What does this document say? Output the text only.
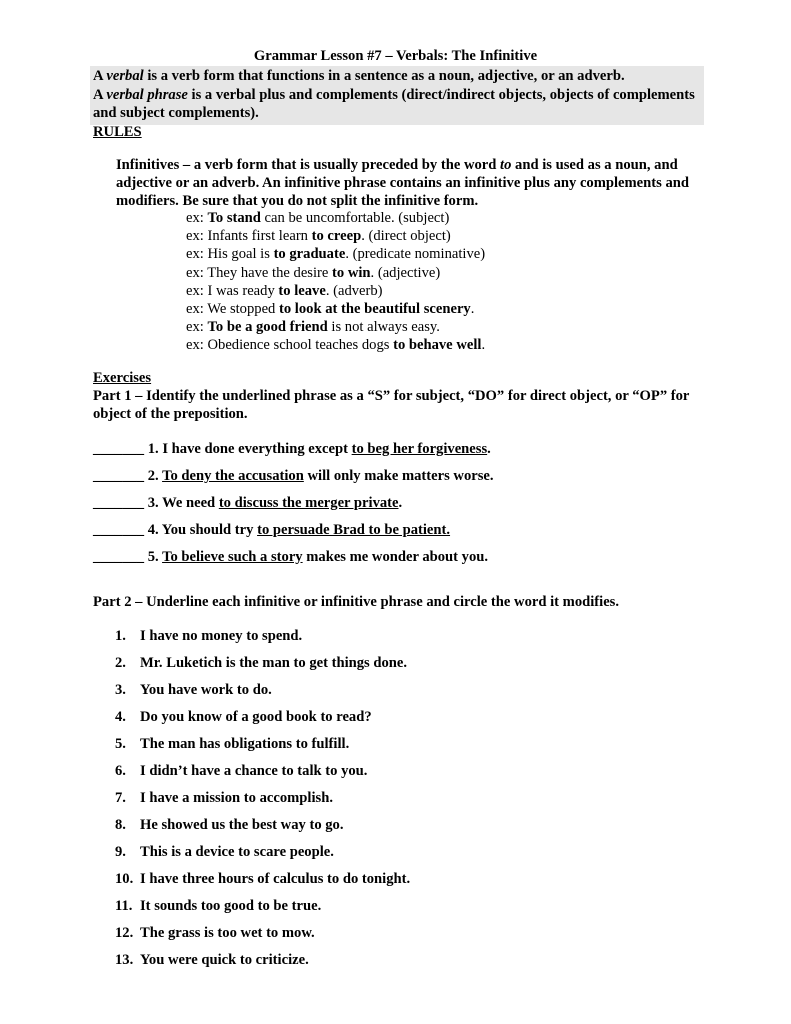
Grammar Lesson #7 – Verbals: The Infinitive
A verbal is a verb form that functions in a sentence as a noun, adjective, or an adverb.
A verbal phrase is a verbal plus and complements (direct/indirect objects, objects of complements and subject complements).
RULES
Infinitives – a verb form that is usually preceded by the word to and is used as a noun, and adjective or an adverb. An infinitive phrase contains an infinitive plus any complements and modifiers. Be sure that you do not split the infinitive form.
ex: To stand can be uncomfortable. (subject)
ex: Infants first learn to creep. (direct object)
ex: His goal is to graduate. (predicate nominative)
ex: They have the desire to win. (adjective)
ex: I was ready to leave. (adverb)
ex: We stopped to look at the beautiful scenery.
ex: To be a good friend is not always easy.
ex: Obedience school teaches dogs to behave well.
Exercises
Part 1 – Identify the underlined phrase as a “S” for subject, “DO” for direct object, or “OP” for object of the preposition.
_______ 1. I have done everything except to beg her forgiveness.
_______ 2. To deny the accusation will only make matters worse.
_______ 3. We need to discuss the merger private.
_______ 4. You should try to persuade Brad to be patient.
_______ 5. To believe such a story makes me wonder about you.
Part 2 – Underline each infinitive or infinitive phrase and circle the word it modifies.
1. I have no money to spend.
2. Mr. Luketich is the man to get things done.
3. You have work to do.
4. Do you know of a good book to read?
5. The man has obligations to fulfill.
6. I didn’t have a chance to talk to you.
7. I have a mission to accomplish.
8. He showed us the best way to go.
9. This is a device to scare people.
10. I have three hours of calculus to do tonight.
11. It sounds too good to be true.
12. The grass is too wet to mow.
13. You were quick to criticize.
